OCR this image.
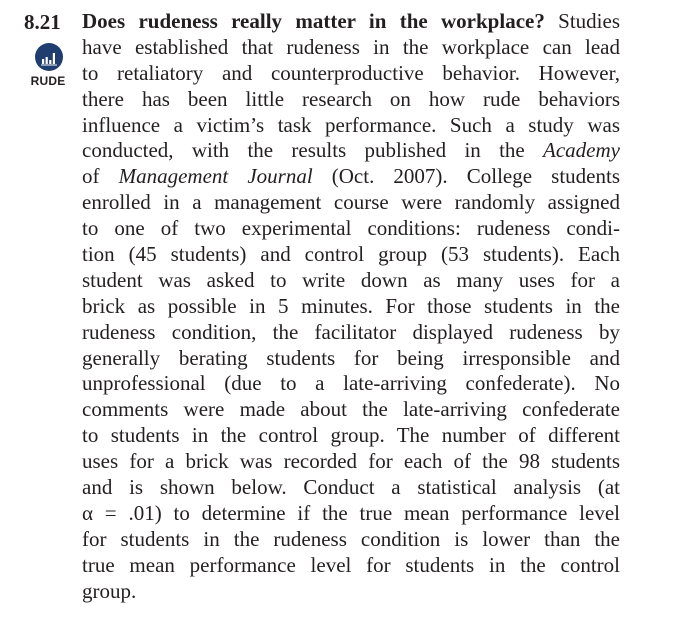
8.21
RUDE
Does rudeness really matter in the workplace? Studies
have established that rudeness in the workplace can lead
to retaliatory and counterproductive behavior. However,
there has been little research on how rude behaviors
influence a victim’s task performance. Such a study was
conducted, with the results published in the Academy
of Management Journal (Oct. 2007). College students
enrolled in a management course were randomly assigned
to one of two experimental conditions: rudeness condi-
tion (45 students) and control group (53 students). Each
student was asked to write down as many uses for a
brick as possible in 5 minutes. For those students in the
rudeness condition, the facilitator displayed rudeness by
generally berating students for being irresponsible and
unprofessional (due to a late-arriving confederate). No
comments were made about the late-arriving confederate
to students in the control group. The number of different
uses for a brick was recorded for each of the 98 students
and is shown below. Conduct a statistical analysis (at
α = .01) to determine if the true mean performance level
for students in the rudeness condition is lower than the
true mean performance level for students in the control
group.
